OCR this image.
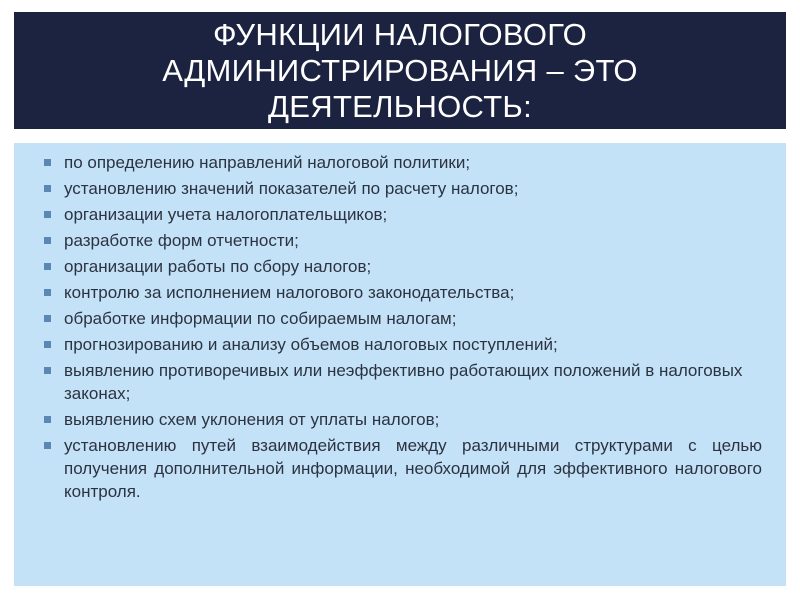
ФУНКЦИИ НАЛОГОВОГО
АДМИНИСТРИРОВАНИЯ – ЭТО
ДЕЯТЕЛЬНОСТЬ:
по определению направлений налоговой политики;
установлению значений показателей по расчету налогов;
организации учета налогоплательщиков;
разработке форм отчетности;
организации работы по сбору налогов;
контролю за исполнением налогового законодательства;
обработке информации по собираемым налогам;
прогнозированию и анализу объемов налоговых поступлений;
выявлению противоречивых или неэффективно работающих положений в налоговых законах;
выявлению схем уклонения от уплаты налогов;
установлению путей взаимодействия между различными структурами с целью получения дополнительной информации, необходимой для эффективного налогового контроля.
